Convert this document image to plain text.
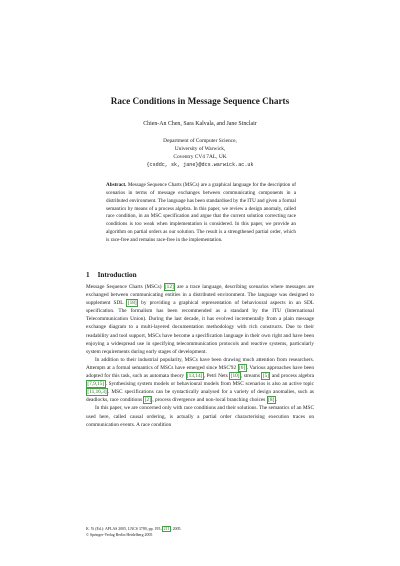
Race Conditions in Message Sequence Charts
Chien-An Chen, Sara Kalvala, and Jane Sinclair
Department of Computer Science,
University of Warwick,
Coventry CV4 7AL, UK
{csddc, sk, jane}@dcs.warwick.ac.uk
Abstract. Message Sequence Charts (MSCs) are a graphical language for the description of scenarios in terms of message exchanges between communicating components in a distributed environment. The language has been standardised by the ITU and given a formal semantics by means of a process algebra. In this paper, we review a design anomaly, called race condition, in an MSC specification and argue that the current solution correcting race conditions is too weak when implementation is considered. In this paper, we provide an algorithm on partial orders as our solution. The result is a strengthened partial order, which is race-free and remains race-free in the implementation.
1 Introduction

Message Sequence Charts (MSCs) [12] are a trace language, describing scenarios where messages are exchanged between communicating entities in a distributed environment. The language was designed to supplement SDL [18] by providing a graphical representation of behavioural aspects in an SDL specification. The formalism has been recommended as a standard by the ITU (International Telecommunication Union). During the last decade, it has evolved incrementally from a plain message exchange diagram to a multi-layered documentation methodology with rich constructs. Due to their readability and tool support, MSCs have become a specification language in their own right and have been enjoying a widespread use in specifying telecommunication protocols and reactive systems, particularly system requirements during early stages of development.

In addition to their industrial popularity, MSCs have been drawing much attention from researchers. Attempts at a formal semantics of MSCs have emerged since MSC'92 [6]. Various approaches have been adopted for this task, such as automata theory [13,14], Petri Nets [10], streams [5] and process algebra [7,9,15]. Synthesising system models or behavioural models from MSC scenarios is also an active topic [11,16,3]. MSC specifications can be syntactically analysed for a variety of design anomalies, such as deadlocks, race conditions [2], process divergence and non-local branching choices [8].

In this paper, we are concerned only with race conditions and their solutions. The semantics of an MSC used here, called causal ordering, is actually a partial order characterising execution traces on communication events. A race condition

K. Yi (Ed.): APLAS 2005, LNCS 3780, pp. 195–211, 2005.
© Springer-Verlag Berlin Heidelberg 2005
